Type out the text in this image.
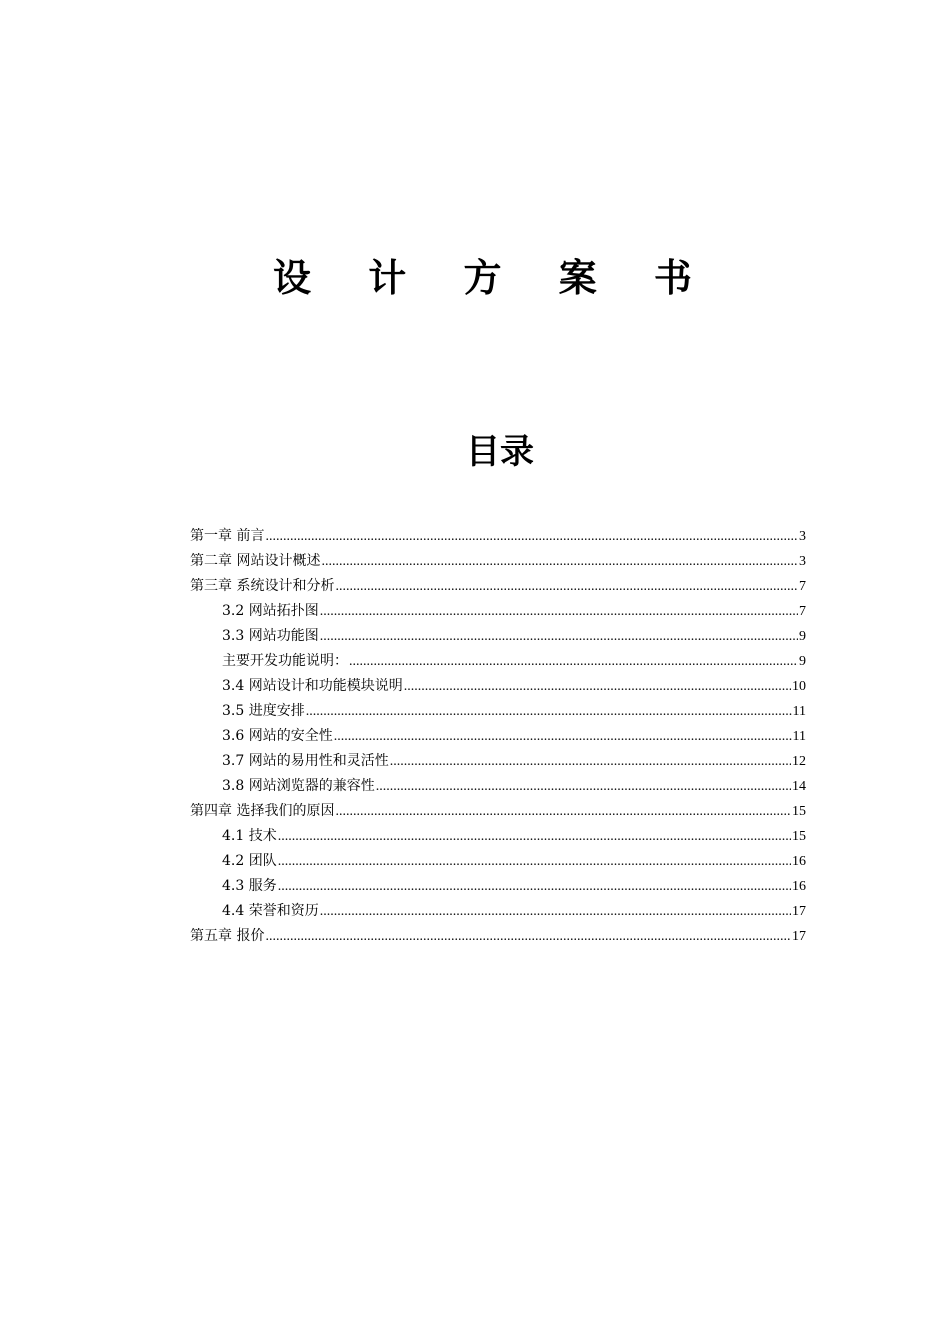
设 计 方 案 书
目录
第一章 前言 .....	3
第二章 网站设计概述 .....	3
第三章 系统设计和分析 .....	7
3.2 网站拓扑图 .....	7
3.3 网站功能图 .....	9
主要开发功能说明： .....	9
3.4 网站设计和功能模块说明 .....	10
3.5 进度安排 .....	11
3.6 网站的安全性 .....	11
3.7 网站的易用性和灵活性 .....	12
3.8 网站浏览器的兼容性 .....	14
第四章 选择我们的原因 .....	15
4.1 技术 .....	15
4.2 团队 .....	16
4.3 服务 .....	16
4.4 荣誉和资历 .....	17
第五章 报价 .....	17
